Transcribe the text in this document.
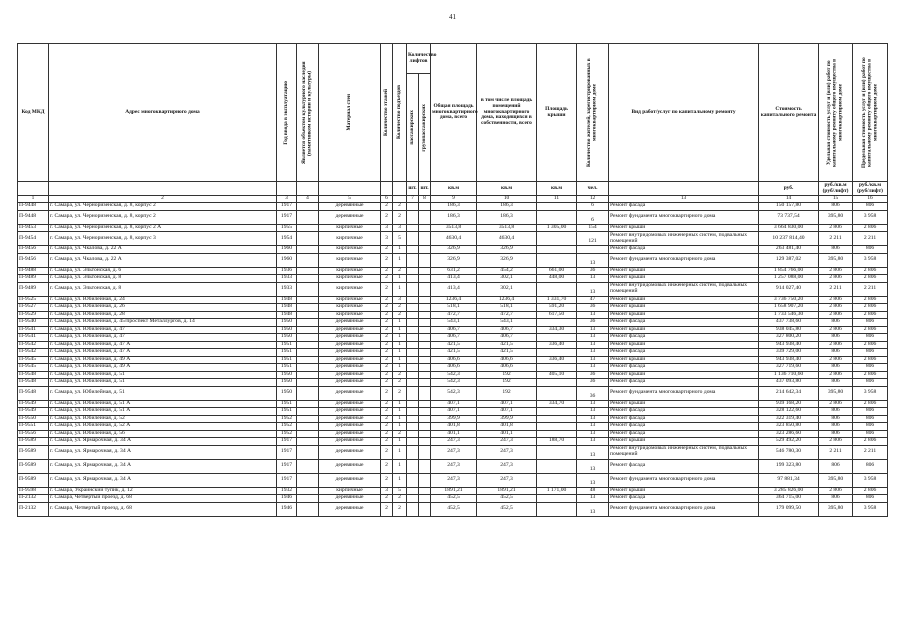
41
Код МКД	Адрес многоквартирного дома	Год ввода в эксплуатацию	Является объектом культурного наследия (памятником истории и культуры)	Материал стен	Количество этажей	Количество подъездов	Количество лифтов		Общая площадь многоквартирного дома, всего	в том числе площадь помещений многоквартирного дома, находящихся в собственности, всего	Площадь крыши	Количество жителей, зарегистрированных в многоквартирном доме	Вид работ/услуг по капитальному ремонту	Стоимость капитального ремонта	Удельная стоимость услуг и (или) работ по капитальному ремонту общего имущества в многоквартирном доме	Предельная стоимость услуг и (или) работ по капитальному ремонту общего имущества в многоквартирном доме

							пассажирских	грузопассажирских								

							шт.	шт.	кв.м	кв.м	кв.м	чел.		руб.	руб./кв.м (руб/лифт)	руб./кв.м (руб/лифт)
1	2	3	4	5	6		7	8	9	10	11	12	13	14	15	16
П-9448	г. Самара, ул. Черноризенская, д. 8, корпус 2	1917		деревянные	2	2			186,3	186,3		6	Ремонт фасада	150 157,80	806	806
П-9448	г. Самара, ул. Черноризенская, д. 8, корпус 2	1917		деревянные	2	2			186,3	186,3		6	Ремонт фундамента многоквартирного дома	73 737,54	395,80	3 958
П-9453	г. Самара, ул. Черноризенская, д. 8, корпус 2 А	1955		кирпичные	3	3			3513,8	3513,8	1 305,00	154	Ремонт крыши	3 664 830,00	2 806	2 806
П-9454	г. Самара, ул. Черноризенская, д. 8, корпус 3	1954		кирпичные	3	5			4630,4	4630,4		121	Ремонт внутридомовых инженерных систем, подвальных помещений	10 237 814,40	2 211	2 211
П-9456	г. Самара, ул. Чкалова, д. 22 А	1960		кирпичные	2	1			326,9	326,9			Ремонт фасада	263 481,40	806	806
П-9456	г. Самара, ул. Чкалова, д. 22 А	1960		кирпичные	2	1			326,9	326,9		13	Ремонт фундамента многоквартирного дома	129 387,02	395,80	3 958
П-9488	г. Самара, ул. Эльтонская, д. 6	1936		кирпичные	2	2			631,2	454,2	661,00	36	Ремонт крыши	1 854 766,00	2 806	2 806
П-9489	г. Самара, ул. Эльтонская, д. 8	1933		кирпичные	2	1			413,4	302,1	448,00	13	Ремонт крыши	1 257 088,00	2 806	2 806
П-9489	г. Самара, ул. Эльтонская, д. 8	1933		кирпичные	2	1			413,4	302,1		13	Ремонт внутридомовых инженерных систем, подвальных помещений	914 027,40	2 211	2 211
П-9525	г. Самара, ул. Юбилейная, д. 24	1948		кирпичные	2	3			1236,4	1236,4	1 331,70	47	Ремонт крыши	3 736 750,20	2 806	2 806
П-9527	г. Самара, ул. Юбилейная, д. 26	1948		кирпичные	2	2			518,1	518,1	591,20	36	Ремонт крыши	1 658 907,20	2 806	2 806
П-9529	г. Самара, ул. Юбилейная, д. 28	1948		кирпичные	2	2			472,7	472,7	617,50	13	Ремонт крыши	1 733 546,30	2 806	2 806
П-9540	г. Самара, ул. Юбилейная, д. 45/проспект Металлургов, д. 14	1950		деревянные	2	1			543,1	543,1		36	Ремонт фасада	437 738,60	806	806
П-9541	г. Самара, ул. Юбилейная, д. 47	1950		деревянные	2	1			406,7	406,7	334,30	13	Ремонт крыши	938 045,80	2 806	2 806
П-9541	г. Самара, ул. Юбилейная, д. 47	1950		деревянные	2	1			406,7	406,7		13	Ремонт фасада	327 800,20	806	806
П-9542	г. Самара, ул. Юбилейная, д. 47 А	1951		деревянные	2	1			421,5	421,5	336,40	13	Ремонт крыши	943 938,40	2 806	2 806
П-9542	г. Самара, ул. Юбилейная, д. 47 А	1951		деревянные	2	1			421,5	421,5		13	Ремонт фасада	339 729,00	806	806
П-9545	г. Самара, ул. Юбилейная, д. 49 А	1951		деревянные	2	1			406,6	406,6	336,40	13	Ремонт крыши	943 938,40	2 806	2 806
П-9545	г. Самара, ул. Юбилейная, д. 49 А	1951		деревянные	2	1			406,6	406,6		13	Ремонт фасада	327 719,60	806	806
П-9548	г. Самара, ул. Юбилейная, д. 51	1950		деревянные	2	2			542,3	192	405,10	36	Ремонт крыши	1 136 710,60	2 806	2 806
П-9548	г. Самара, ул. Юбилейная, д. 51	1950		деревянные	2	2			542,3	192		36	Ремонт фасада	437 093,80	806	806
П-9548	г. Самара, ул. Юбилейная, д. 51	1950		деревянные	2	2			542,3	192		36	Ремонт фундамента многоквартирного дома	214 642,34	395,80	3 958
П-9549	г. Самара, ул. Юбилейная, д. 51 А	1951		деревянные	2	1			407,1	407,1	334,70	13	Ремонт крыши	939 168,20	2 806	2 806
П-9549	г. Самара, ул. Юбилейная, д. 51 А	1951		деревянные	2	1			407,1	407,1		13	Ремонт фасада	328 122,60	806	806
П-9550	г. Самара, ул. Юбилейная, д. 52	1952		деревянные	2	1			399,9	399,9		13	Ремонт фасада	322 319,40	806	806
П-9551	г. Самара, ул. Юбилейная, д. 52 А	1952		деревянные	2	1			401,8	401,8		13	Ремонт фасада	323 850,80	806	806
П-9556	г. Самара, ул. Юбилейная, д. 56	1952		деревянные	2	2			401,1	401,1		13	Ремонт фасада	323 286,60	806	806
П-9589	г. Самара, ул. Ярмарочная, д. 34 А	1917		деревянные	2	1			247,3	247,3	188,70	13	Ремонт крыши	529 492,20	2 806	2 806
П-9589	г. Самара, ул. Ярмарочная, д. 34 А	1917		деревянные	2	1			247,3	247,3		13	Ремонт внутридомовых инженерных систем, подвальных помещений	546 780,30	2 211	2 211
П-9589	г. Самара, ул. Ярмарочная, д. 34 А	1917		деревянные	2	1			247,3	247,3		13	Ремонт фасада	199 323,80	806	806
П-9589	г. Самара, ул. Ярмарочная, д. 34 А	1917		деревянные	2	1			247,3	247,3		13	Ремонт фундамента многоквартирного дома	97 881,34	395,80	3 958
П-9598	г. Самара, Украинский тупик, д. 12	1932		кирпичные	3	5			1891,21	1891,21	1 171,00	48	Ремонт крыши	3 285 826,00	2 806	2 806
П-2132	г. Самара, Четвертый проезд, д. 68	1946		деревянные	2	2			452,5	452,5		13	Ремонт фасада	364 715,00	806	806
П-2132	г. Самара, Четвертый проезд, д. 68	1946		деревянные	2	2			452,5	452,5		13	Ремонт фундамента многоквартирного дома	179 099,50	395,80	3 958
